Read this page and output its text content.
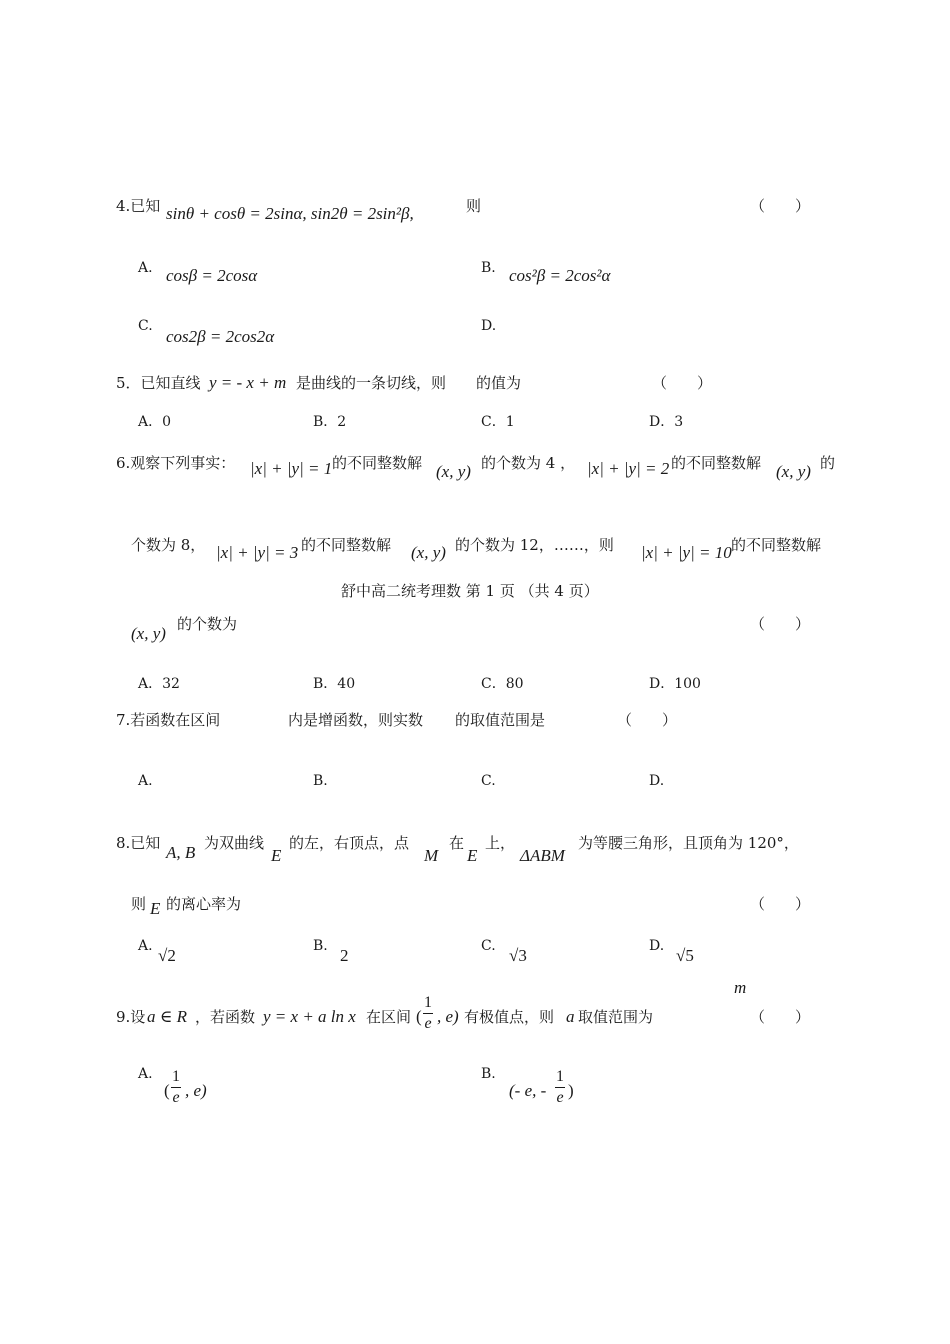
4.已知 sinθ + cosθ = 2sinα, sin2θ = 2sin²β,	则	（　　）
A. cosβ = 2cosα	B. cos²β = 2cos²α
C.
cos2β = 2cos2α
D.
5．已知直线 y = - x + m 是曲线的一条切线，则　　的值为	（　　）
A．0	B．2	C．1	D．3
6.观察下列事实： |x| + |y| = 1 的不同整数解 (x, y) 的个数为 4 ， |x| + |y| = 2 的不同整数解 (x, y) 的
个数为 8， |x| + |y| = 3 的不同整数解 (x, y) 的个数为 12，……，则 |x| + |y| = 10 的不同整数解
舒中高二统考理数 第 1 页 （共 4 页）
(x, y) 的个数为	（　　）
A．32	B．40	C．80	D．100
7.若函数在区间	内是增函数，则实数 的取值范围是	（　　）
A.	B.	C.	D.
8.已知 A, B 为双曲线
E
的左，右顶点，点
M
在
E
上，
ΔABM
为等腰三角形，且顶角为 120°，
则 E 的离心率为	（　　）
A. √2	B. 2	C. √3	D. √5
m
9.设 a ∈ R ，若函数 y = x + a ln x 在区间 (
1
e , e) 有极值点，则 a 取值范围为	（　　）
A.
(
1
e , e)
B.
(- e, -
1
e )
